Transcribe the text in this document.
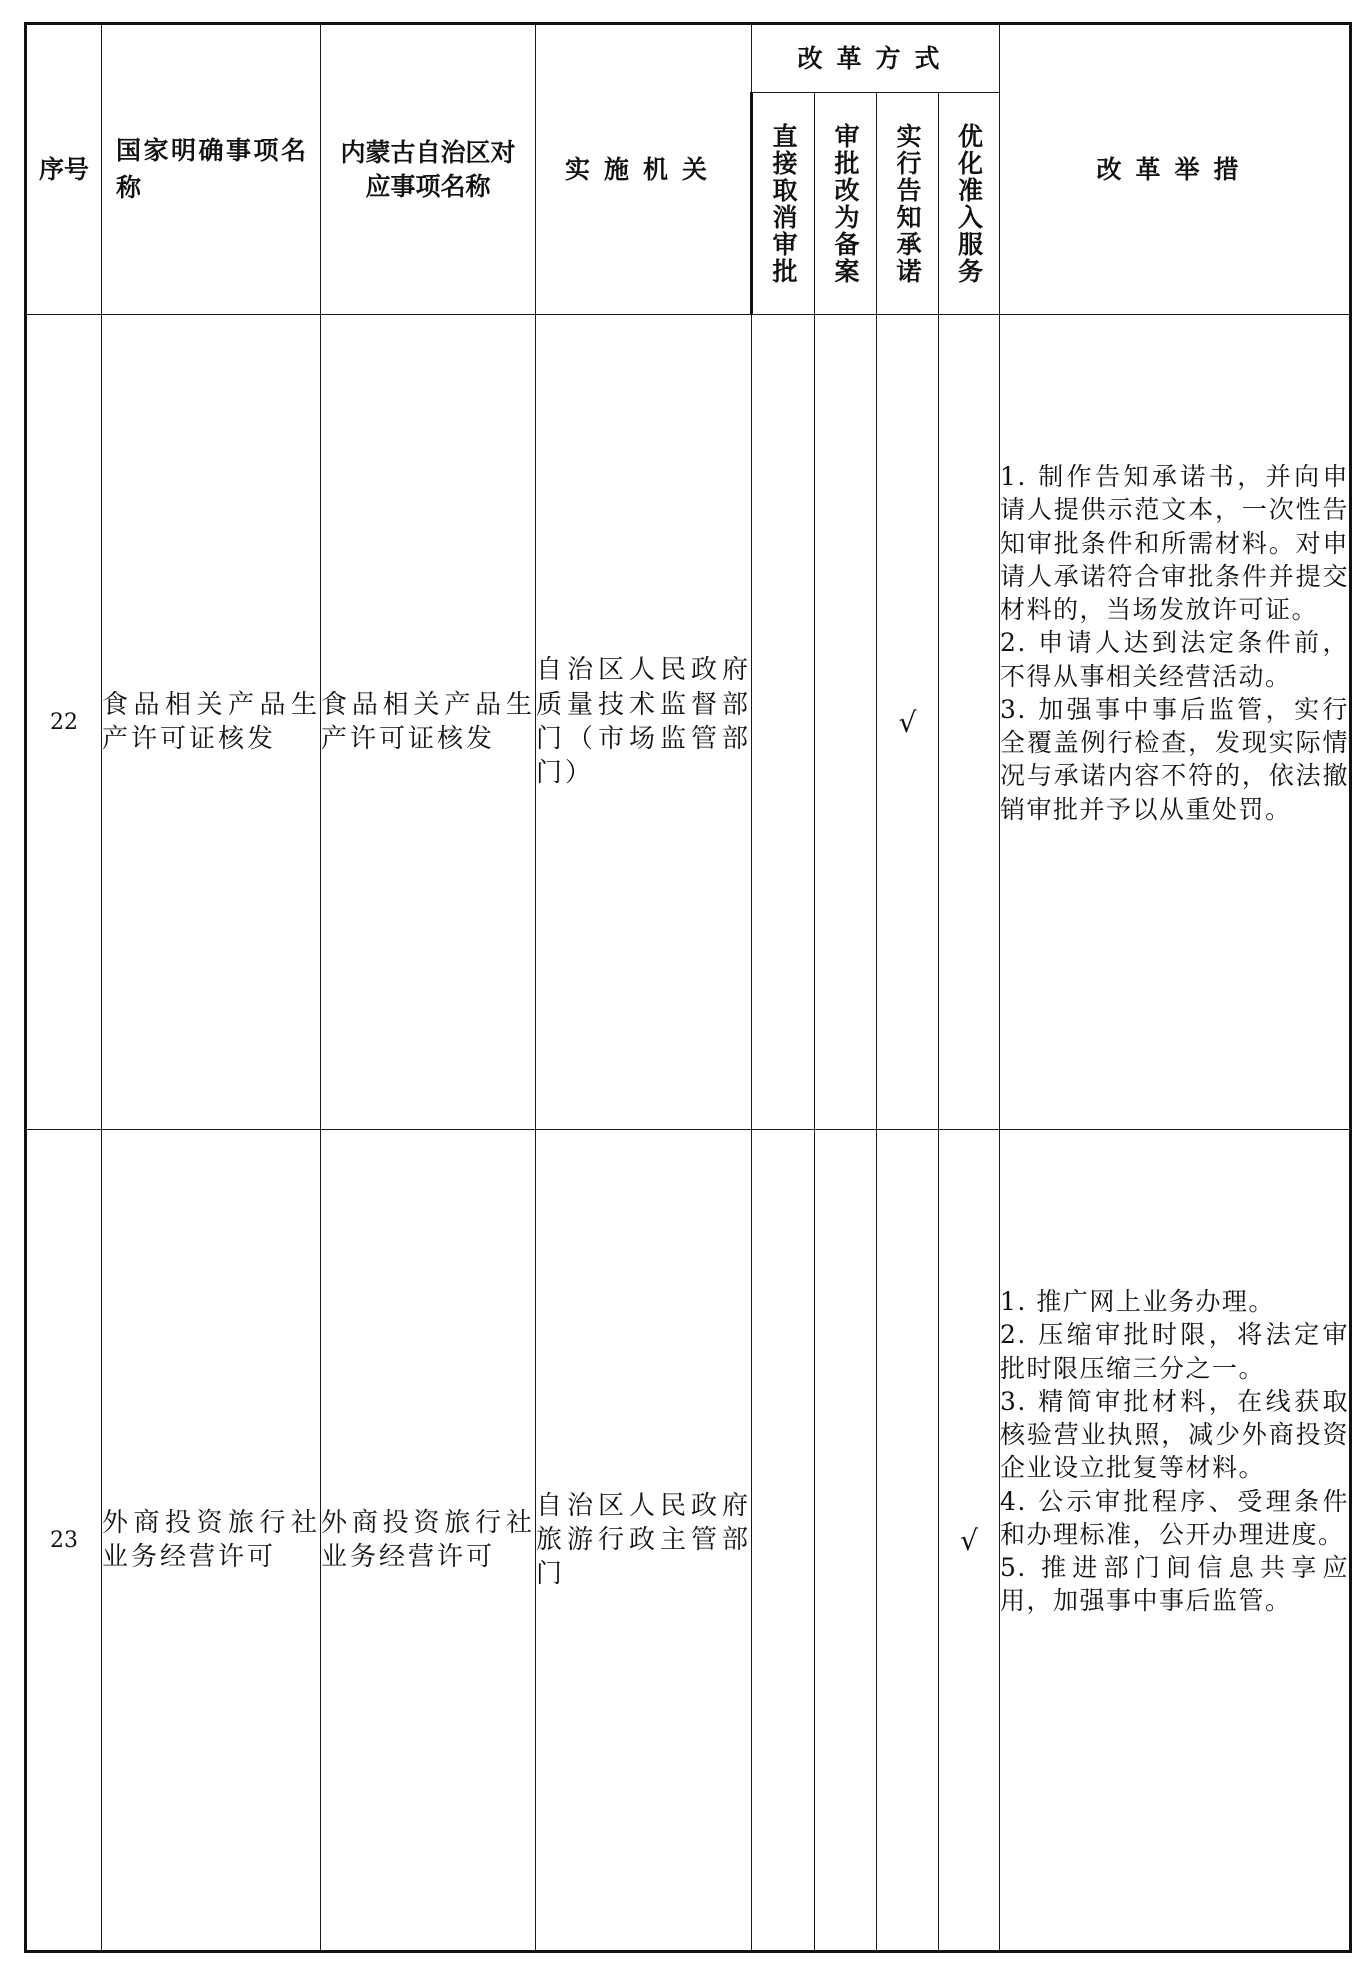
序号	国家明确事项名称	内蒙古自治区对应事项名称	实施机关	改革方式				改革举措

				直接取消审批	审批改为备案	实行告知承诺	优化准入服务	

22	食品相关产品生产许可证核发	食品相关产品生产许可证核发	自治区人民政府质量技术监督部门（市场监管部门）			√		1. 制作告知承诺书，并向申请人提供示范文本，一次性告知审批条件和所需材料。对申请人承诺符合审批条件并提交材料的，当场发放许可证。

2. 申请人达到法定条件前，不得从事相关经营活动。

3. 加强事中事后监管，实行全覆盖例行检查，发现实际情况与承诺内容不符的，依法撤销审批并予以从重处罚。

23	外商投资旅行社业务经营许可	外商投资旅行社业务经营许可	自治区人民政府旅游行政主管部门				√	1. 推广网上业务办理。

2. 压缩审批时限，将法定审批时限压缩三分之一。

3. 精简审批材料，在线获取核验营业执照，减少外商投资企业设立批复等材料。

4. 公示审批程序、受理条件和办理标准，公开办理进度。

5. 推进部门间信息共享应用，加强事中事后监管。
